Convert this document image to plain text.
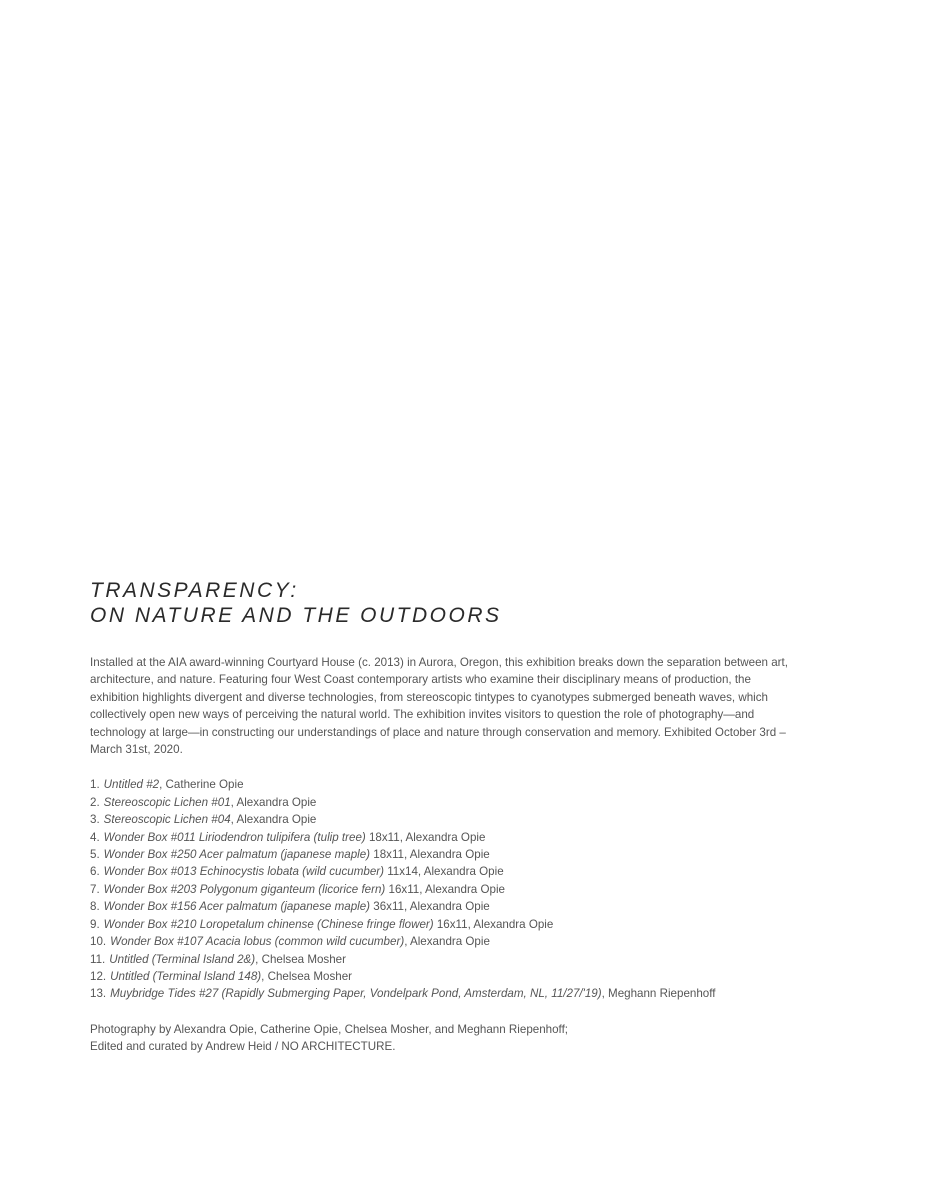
TRANSPARENCY:
ON NATURE AND THE OUTDOORS

Installed at the AIA award-winning Courtyard House (c. 2013) in Aurora, Oregon, this exhibition breaks down the separation between art, architecture, and nature. Featuring four West Coast contemporary artists who examine their disciplinary means of production, the exhibition highlights divergent and diverse technologies, from stereoscopic tintypes to cyanotypes submerged beneath waves, which collectively open new ways of perceiving the natural world. The exhibition invites visitors to question the role of photography—and technology at large—in constructing our understandings of place and nature through conservation and memory. Exhibited October 3rd – March 31st, 2020.

1. Untitled #2, Catherine Opie
2. Stereoscopic Lichen #01, Alexandra Opie
3. Stereoscopic Lichen #04, Alexandra Opie
4. Wonder Box #011 Liriodendron tulipifera (tulip tree) 18x11, Alexandra Opie
5. Wonder Box #250 Acer palmatum (japanese maple) 18x11, Alexandra Opie
6. Wonder Box #013 Echinocystis lobata (wild cucumber) 11x14, Alexandra Opie
7. Wonder Box #203 Polygonum giganteum (licorice fern) 16x11, Alexandra Opie
8. Wonder Box #156 Acer palmatum (japanese maple) 36x11, Alexandra Opie
9. Wonder Box #210 Loropetalum chinense (Chinese fringe flower) 16x11, Alexandra Opie
10. Wonder Box #107 Acacia lobus (common wild cucumber), Alexandra Opie
11. Untitled (Terminal Island 2&), Chelsea Mosher
12. Untitled (Terminal Island 148), Chelsea Mosher
13. Muybridge Tides #27 (Rapidly Submerging Paper, Vondelpark Pond, Amsterdam, NL, 11/27/'19), Meghann Riepenhoff

Photography by Alexandra Opie, Catherine Opie, Chelsea Mosher, and Meghann Riepenhoff;
Edited and curated by Andrew Heid / NO ARCHITECTURE.
